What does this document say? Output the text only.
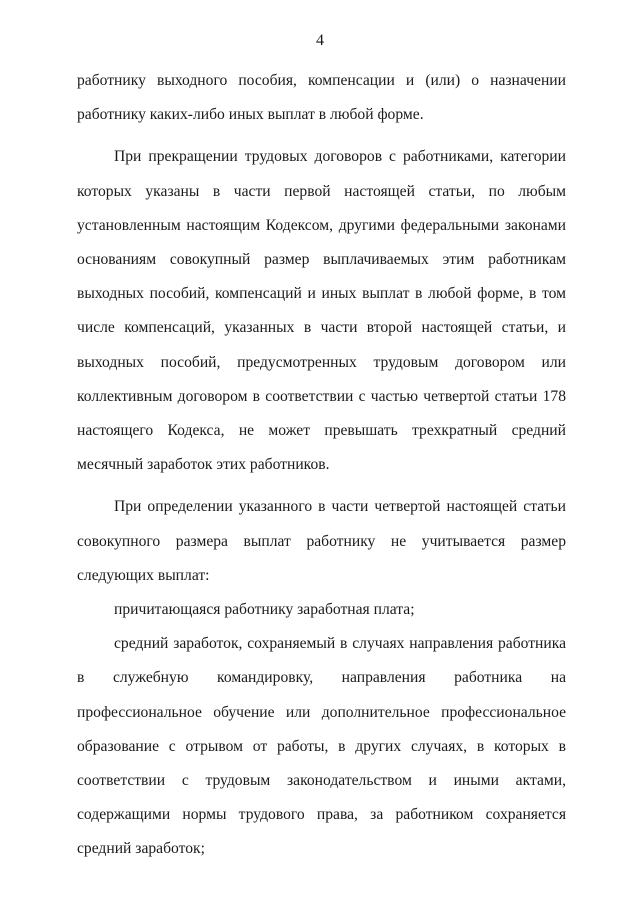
4

работнику выходного пособия, компенсации и (или) о назначении работнику каких-либо иных выплат в любой форме.

При прекращении трудовых договоров с работниками, категории которых указаны в части первой настоящей статьи, по любым установленным настоящим Кодексом, другими федеральными законами основаниям совокупный размер выплачиваемых этим работникам выходных пособий, компенсаций и иных выплат в любой форме, в том числе компенсаций, указанных в части второй настоящей статьи, и выходных пособий, предусмотренных трудовым договором или коллективным договором в соответствии с частью четвертой статьи 178 настоящего Кодекса, не может превышать трехкратный средний месячный заработок этих работников.

При определении указанного в части четвертой настоящей статьи совокупного размера выплат работнику не учитывается размер следующих выплат:

причитающаяся работнику заработная плата;

средний заработок, сохраняемый в случаях направления работника в служебную командировку, направления работника на профессиональное обучение или дополнительное профессиональное образование с отрывом от работы, в других случаях, в которых в соответствии с трудовым законодательством и иными актами, содержащими нормы трудового права, за работником сохраняется средний заработок;
